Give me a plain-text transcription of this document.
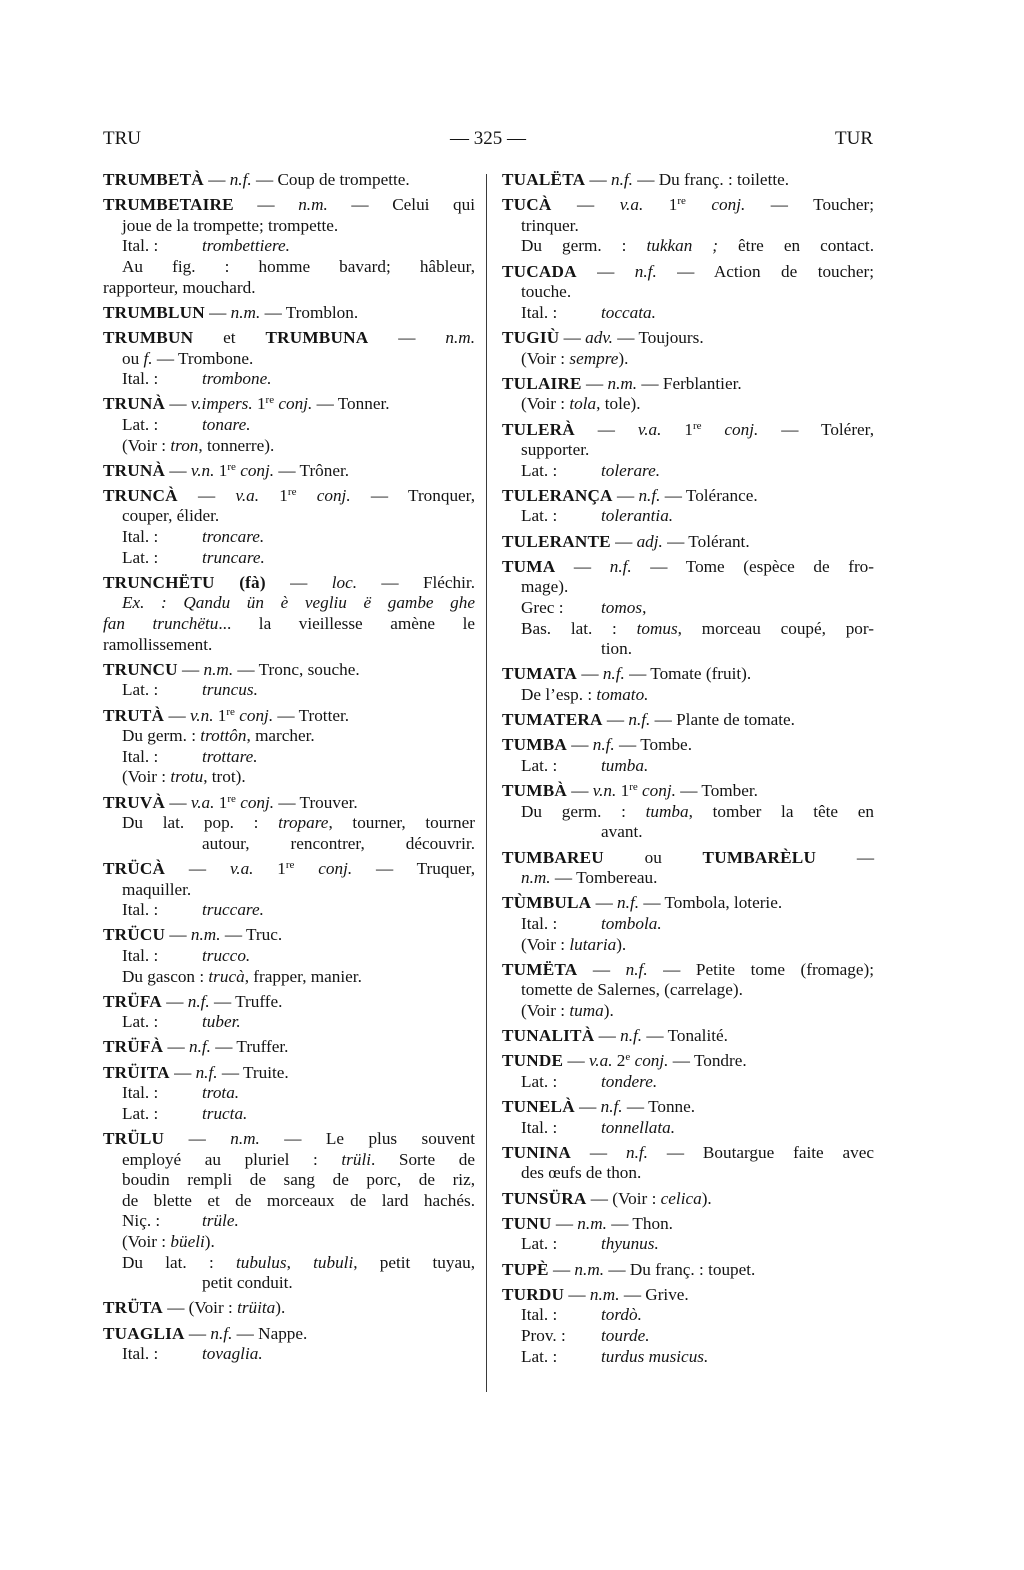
TRU	— 325 —	TUR
TRUMBETÀ — n.f. — Coup de trompette.
TRUMBETAIRE — n.m. — Celui qui
joue de la trompette; trompette.
Ital. :	trombettiere.
Au fig. : homme bavard; hâbleur,
rapporteur, mouchard.
TRUMBLUN — n.m. — Tromblon.
TRUMBUN et TRUMBUNA — n.m.
ou f. — Trombone.
Ital. :	trombone.
TRUNÀ — v.impers. 1re conj. — Tonner.
Lat. :	tonare.
(Voir : tron, tonnerre).
TRUNÀ — v.n. 1re conj. — Trôner.
TRUNCÀ — v.a. 1re conj. — Tronquer,
couper, élider.
Ital. :	troncare.
Lat. :	truncare.
TRUNCHËTU (fà) — loc. — Fléchir.
Ex. : Qandu ün è vegliu ë gambe ghe
fan trunchëtu... la vieillesse amène le
ramollissement.
TRUNCU — n.m. — Tronc, souche.
Lat. :	truncus.
TRUTÀ — v.n. 1re conj. — Trotter.
Du germ. : trottôn, marcher.
Ital. :	trottare.
(Voir : trotu, trot).
TRUVÀ — v.a. 1re conj. — Trouver.
Du lat. pop. : tropare, tourner, tourner
autour, rencontrer, découvrir.
TRÜCÀ — v.a. 1re conj. — Truquer,
maquiller.
Ital. :	truccare.
TRÜCU — n.m. — Truc.
Ital. :	trucco.
Du gascon : trucà, frapper, manier.
TRÜFA — n.f. — Truffe.
Lat. :	tuber.
TRÜFÀ — n.f. — Truffer.
TRÜITA — n.f. — Truite.
Ital. :	trota.
Lat. :	tructa.
TRÜLU — n.m. — Le plus souvent
employé au pluriel : trüli. Sorte de
boudin rempli de sang de porc, de riz,
de blette et de morceaux de lard hachés.
Niç. : trüle.
(Voir : büeli).
Du lat. : tubulus, tubuli, petit tuyau,
petit conduit.
TRÜTA — (Voir : trüita).
TUAGLIA — n.f. — Nappe.
Ital. :	tovaglia.
TUALËTA — n.f. — Du franç. : toilette.
TUCÀ — v.a. 1re conj. — Toucher;
trinquer.
Du germ. : tukkan ; être en contact.
TUCADA — n.f. — Action de toucher;
touche.
Ital. :	toccata.
TUGIÙ — adv. — Toujours.
(Voir : sempre).
TULAIRE — n.m. — Ferblantier.
(Voir : tola, tole).
TULERÀ — v.a. 1re conj. — Tolérer,
supporter.
Lat. :	tolerare.
TULERANÇA — n.f. — Tolérance.
Lat. :	tolerantia.
TULERANTE — adj. — Tolérant.
TUMA — n.f. — Tome (espèce de fro-
mage).
Grec : tomos,
Bas. lat. : tomus, morceau coupé, por-
tion.
TUMATA — n.f. — Tomate (fruit).
De l’esp. : tomato.
TUMATERA — n.f. — Plante de tomate.
TUMBA — n.f. — Tombe.
Lat. :	tumba.
TUMBÀ — v.n. 1re conj. — Tomber.
Du germ. : tumba, tomber la tête en
avant.
TUMBAREU ou TUMBARÈLU —
n.m. — Tombereau.
TÙMBULA — n.f. — Tombola, loterie.
Ital. :	tombola.
(Voir : lutaria).
TUMËTA — n.f. — Petite tome (fromage);
tomette de Salernes, (carrelage).
(Voir : tuma).
TUNALITÀ — n.f. — Tonalité.
TUNDE — v.a. 2e conj. — Tondre.
Lat. :	tondere.
TUNELÀ — n.f. — Tonne.
Ital. :	tonnellata.
TUNINA — n.f. — Boutargue faite avec
des œufs de thon.
TUNSÜRA — (Voir : celica).
TUNU — n.m. — Thon.
Lat. :	thyunus.
TUPÈ — n.m. — Du franç. : toupet.
TURDU — n.m. — Grive.
Ital. :	tordò.
Prov. : tourde.
Lat. :	turdus musicus.
